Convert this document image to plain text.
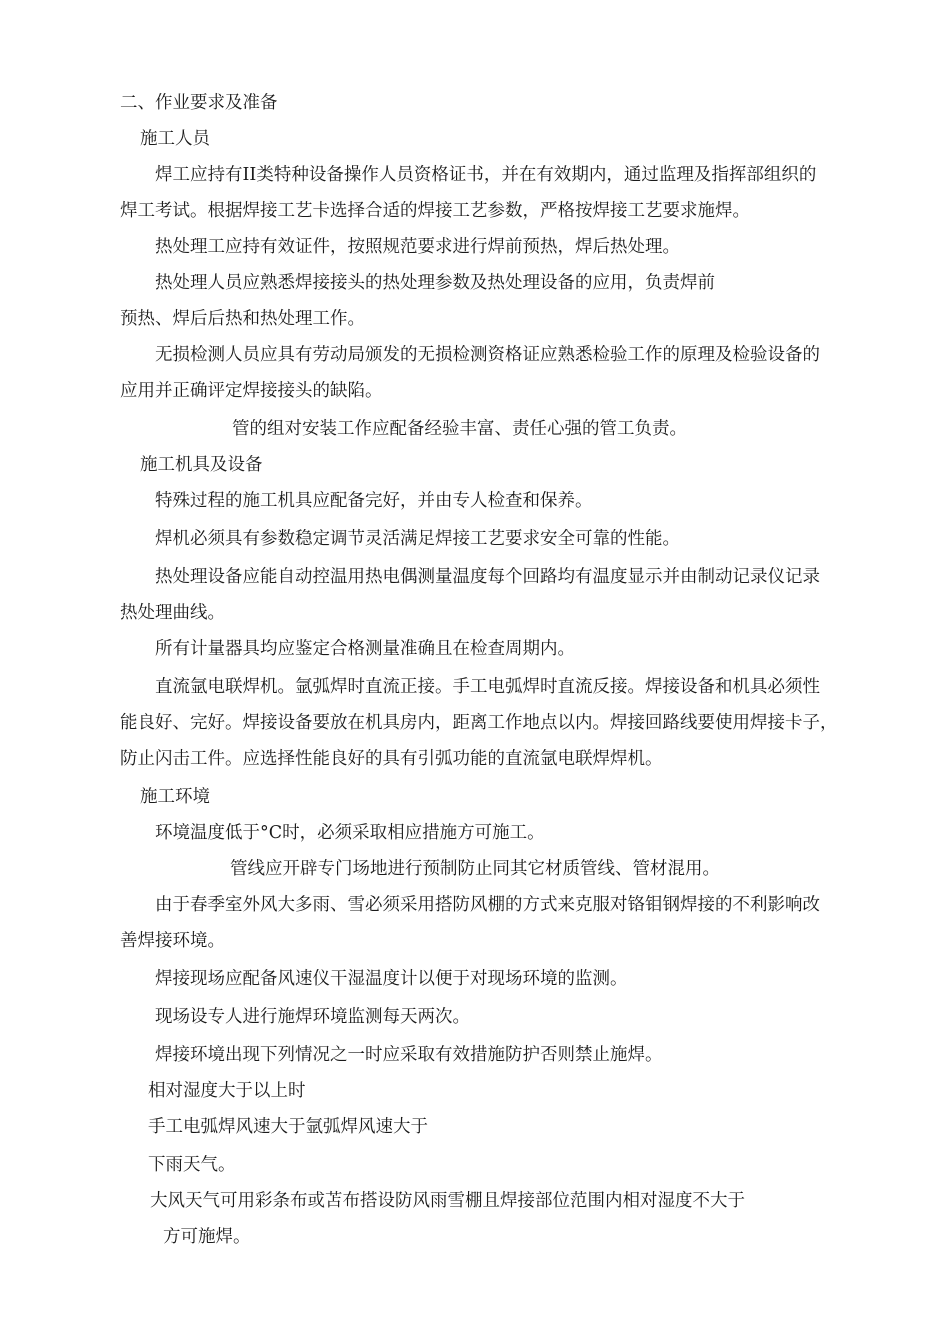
二、作业要求及准备
施工人员
焊工应持有II类特种设备操作人员资格证书，并在有效期内，通过监理及指挥部组织的
焊工考试。根据焊接工艺卡选择合适的焊接工艺参数，严格按焊接工艺要求施焊。
热处理工应持有效证件，按照规范要求进行焊前预热，焊后热处理。
热处理人员应熟悉焊接接头的热处理参数及热处理设备的应用，负责焊前
预热、焊后后热和热处理工作。
无损检测人员应具有劳动局颁发的无损检测资格证应熟悉检验工作的原理及检验设备的
应用并正确评定焊接接头的缺陷。
管的组对安装工作应配备经验丰富、责任心强的管工负责。
施工机具及设备
特殊过程的施工机具应配备完好，并由专人检查和保养。
焊机必须具有参数稳定调节灵活满足焊接工艺要求安全可靠的性能。
热处理设备应能自动控温用热电偶测量温度每个回路均有温度显示并由制动记录仪记录
热处理曲线。
所有计量器具均应鉴定合格测量准确且在检查周期内。
直流氩电联焊机。氩弧焊时直流正接。手工电弧焊时直流反接。焊接设备和机具必须性
能良好、完好。焊接设备要放在机具房内，距离工作地点以内。焊接回路线要使用焊接卡子，
防止闪击工件。应选择性能良好的具有引弧功能的直流氩电联焊焊机。
施工环境
环境温度低于°C时，必须采取相应措施方可施工。
管线应开辟专门场地进行预制防止同其它材质管线、管材混用。
由于春季室外风大多雨、雪必须采用搭防风棚的方式来克服对铬钼钢焊接的不利影响改
善焊接环境。
焊接现场应配备风速仪干湿温度计以便于对现场环境的监测。
现场设专人进行施焊环境监测每天两次。
焊接环境出现下列情况之一时应采取有效措施防护否则禁止施焊。
相对湿度大于以上时
手工电弧焊风速大于氩弧焊风速大于
下雨天气。
大风天气可用彩条布或苫布搭设防风雨雪棚且焊接部位范围内相对湿度不大于
方可施焊。
